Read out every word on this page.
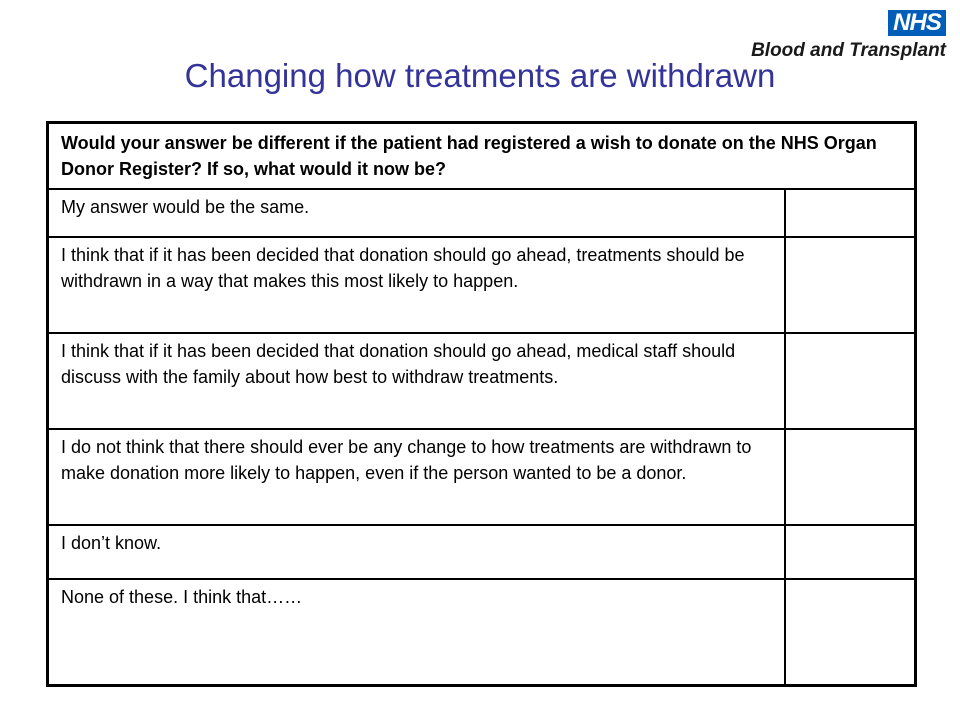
NHS
Blood and Transplant
Changing how treatments are withdrawn
Would your answer be different if the patient had registered a wish to donate on the NHS Organ Donor Register? If so, what would it now be?	
My answer would be the same.	
I think that if it has been decided that donation should go ahead, treatments should be withdrawn in a way that makes this most likely to happen.	
I think that if it has been decided that donation should go ahead, medical staff should discuss with the family about how best to withdraw treatments.	
I do not think that there should ever be any change to how treatments are withdrawn to make donation more likely to happen, even if the person wanted to be a donor.	
I don’t know.	
None of these. I think that……	
